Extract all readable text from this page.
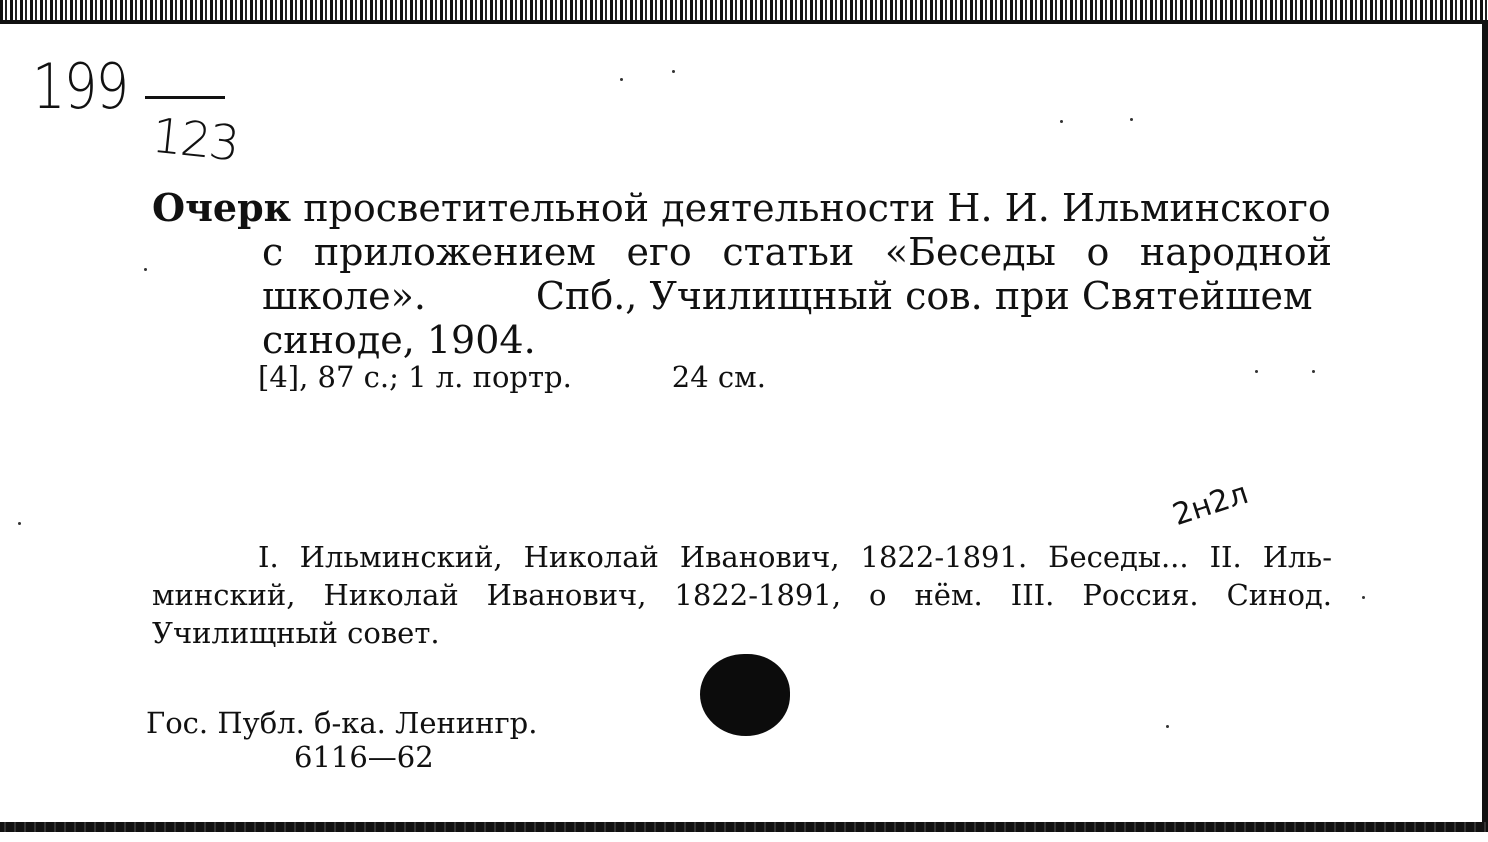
199
123
2н2л
Очерк просветительной деятельности Н. И. Ильминского
с приложением его статьи «Беседы о народной
школе».	Спб., Училищный сов. при Святейшем
синоде, 1904.
[4], 87 с.; 1 л. портр.	24 см.
I. Ильминский, Николай Иванович, 1822-1891. Беседы... II. Иль-
минский, Николай Иванович, 1822-1891, о нём. III. Россия. Синод.
Училищный совет.
Гос. Публ. б-ка. Ленингр.
6116—62
